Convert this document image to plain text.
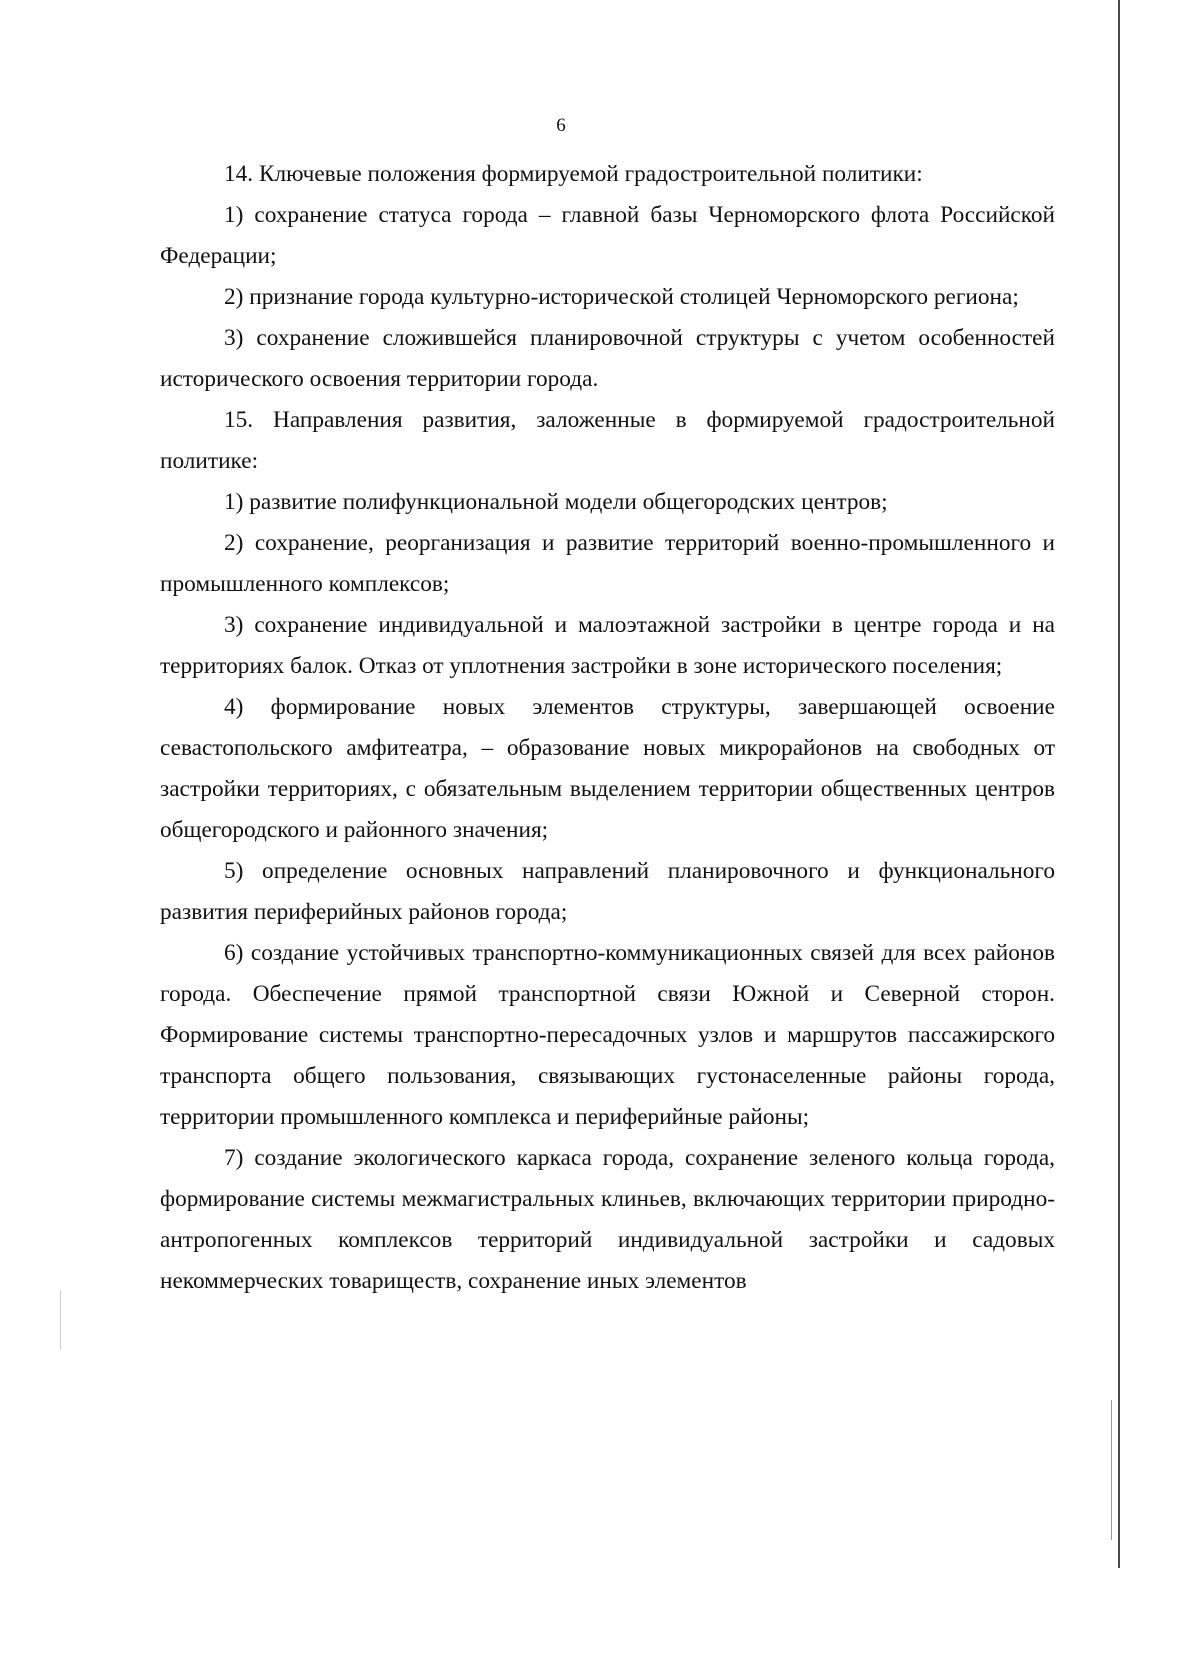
6

14. Ключевые положения формируемой градостроительной политики:

1) сохранение статуса города – главной базы Черноморского флота Российской Федерации;

2) признание города культурно-исторической столицей Черноморского региона;

3) сохранение сложившейся планировочной структуры с учетом особенностей исторического освоения территории города.

15. Направления развития, заложенные в формируемой градостроительной политике:

1) развитие полифункциональной модели общегородских центров;

2) сохранение, реорганизация и развитие территорий военно-промышленного и промышленного комплексов;

3) сохранение индивидуальной и малоэтажной застройки в центре города и на территориях балок. Отказ от уплотнения застройки в зоне исторического поселения;

4) формирование новых элементов структуры, завершающей освоение севастопольского амфитеатра, – образование новых микрорайонов на свободных от застройки территориях, с обязательным выделением территории общественных центров общегородского и районного значения;

5) определение основных направлений планировочного и функционального развития периферийных районов города;

6) создание устойчивых транспортно-коммуникационных связей для всех районов города. Обеспечение прямой транспортной связи Южной и Северной сторон. Формирование системы транспортно-пересадочных узлов и маршрутов пассажирского транспорта общего пользования, связывающих густонаселенные районы города, территории промышленного комплекса и периферийные районы;

7) создание экологического каркаса города, сохранение зеленого кольца города, формирование системы межмагистральных клиньев, включающих территории природно-антропогенных комплексов территорий индивидуальной застройки и садовых некоммерческих товариществ, сохранение иных элементов
